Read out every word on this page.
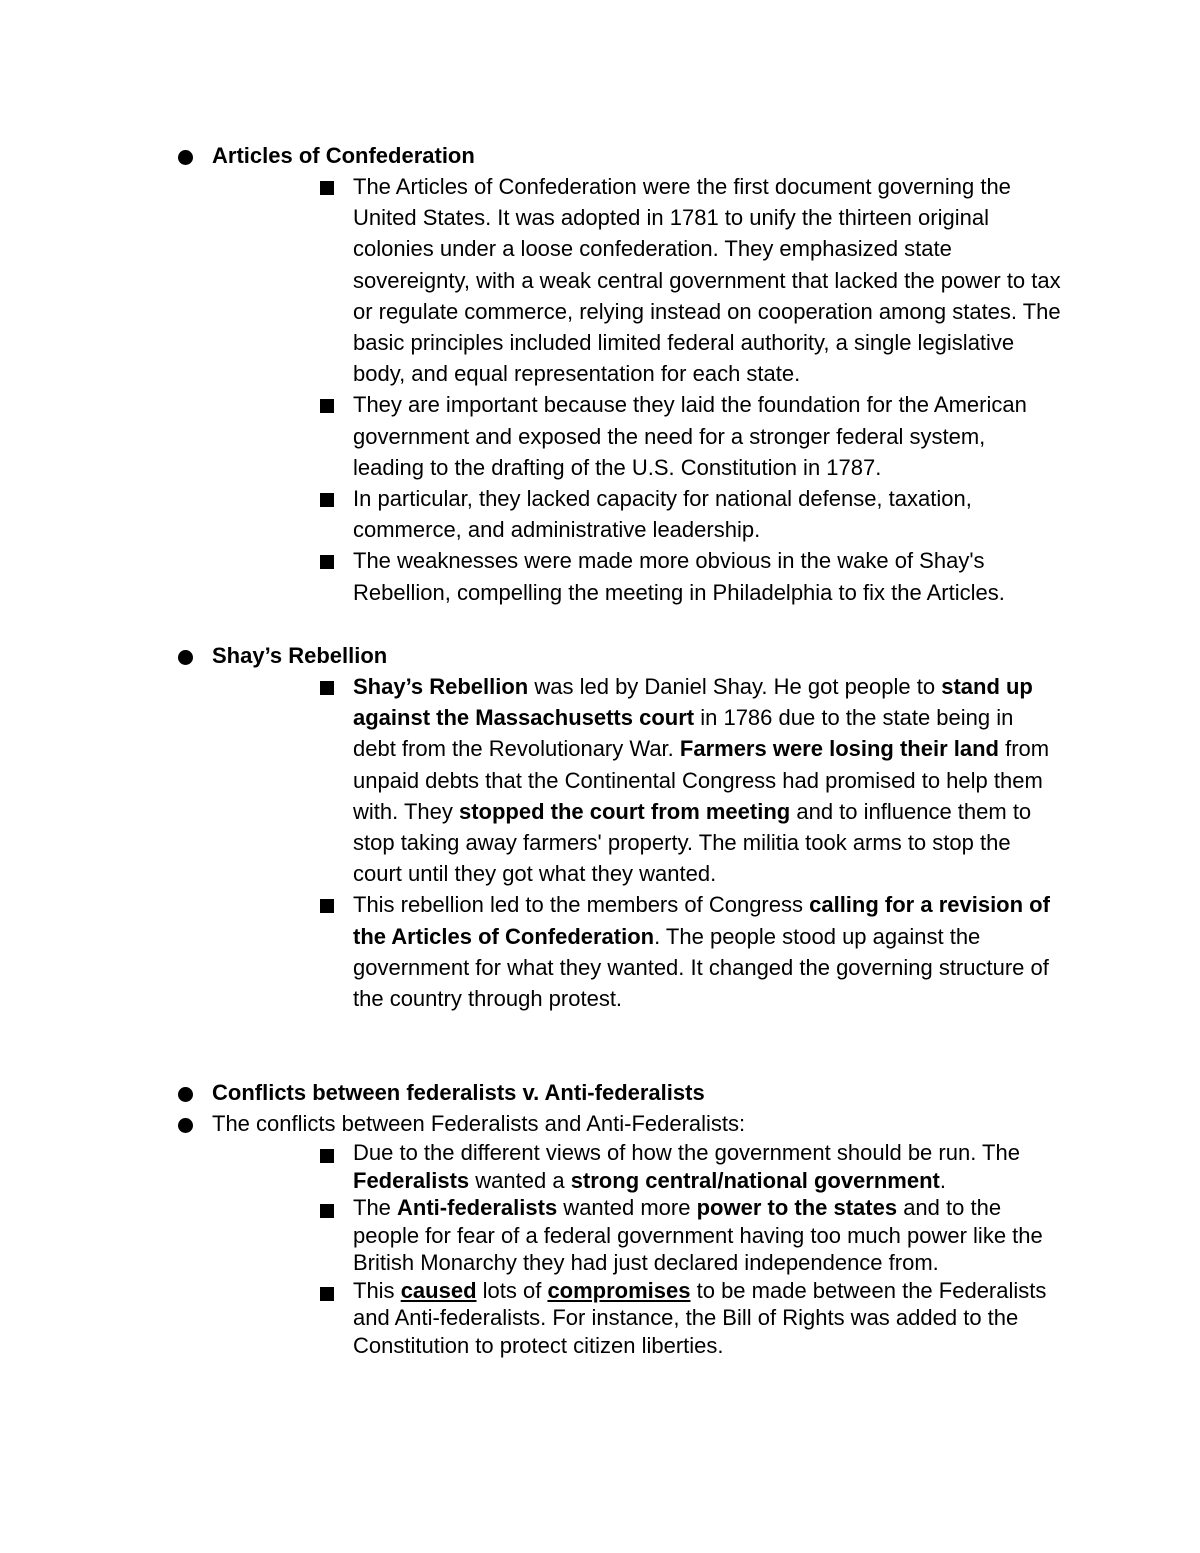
Articles of Confederation
The Articles of Confederation were the first document governing the United States. It was adopted in 1781 to unify the thirteen original colonies under a loose confederation. They emphasized state sovereignty, with a weak central government that lacked the power to tax or regulate commerce, relying instead on cooperation among states. The basic principles included limited federal authority, a single legislative body, and equal representation for each state.
They are important because they laid the foundation for the American government and exposed the need for a stronger federal system, leading to the drafting of the U.S. Constitution in 1787.
In particular, they lacked capacity for national defense, taxation, commerce, and administrative leadership.
The weaknesses were made more obvious in the wake of Shay's Rebellion, compelling the meeting in Philadelphia to fix the Articles.
Shay’s Rebellion
Shay’s Rebellion was led by Daniel Shay. He got people to stand up against the Massachusetts court in 1786 due to the state being in debt from the Revolutionary War. Farmers were losing their land from unpaid debts that the Continental Congress had promised to help them with. They stopped the court from meeting and to influence them to stop taking away farmers' property. The militia took arms to stop the court until they got what they wanted.
This rebellion led to the members of Congress calling for a revision of the Articles of Confederation. The people stood up against the government for what they wanted. It changed the governing structure of the country through protest.
Conflicts between federalists v. Anti-federalists
The conflicts between Federalists and Anti-Federalists:
Due to the different views of how the government should be run. The Federalists wanted a strong central/national government.
The Anti-federalists wanted more power to the states and to the people for fear of a federal government having too much power like the British Monarchy they had just declared independence from.
This caused lots of compromises to be made between the Federalists and Anti-federalists. For instance, the Bill of Rights was added to the Constitution to protect citizen liberties.
